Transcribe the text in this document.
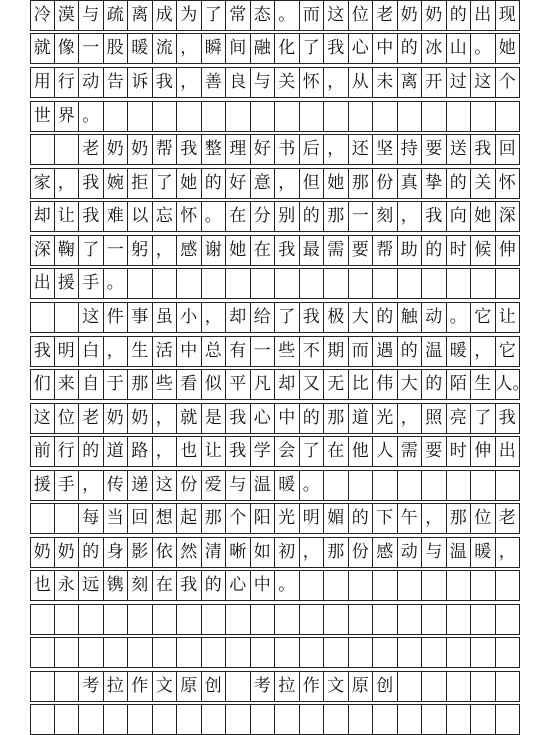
冷 漠 与 疏 离 成 为 了 常 态 。 而 这 位 老 奶 奶 的 出 现
就 像 一 股 暖 流 ， 瞬 间 融 化 了 我 心 中 的 冰 山 。 她
用 行 动 告 诉 我 ， 善 良 与 关 怀 ， 从 未 离 开 过 这 个
世 界 。
老 奶 奶 帮 我 整 理 好 书 后 ， 还 坚 持 要 送 我 回
家 ， 我 婉 拒 了 她 的 好 意 ， 但 她 那 份 真 挚 的 关 怀
却 让 我 难 以 忘 怀 。 在 分 别 的 那 一 刻 ， 我 向 她 深
深 鞠 了 一 躬 ， 感 谢 她 在 我 最 需 要 帮 助 的 时 候 伸
出 援 手 。
这 件 事 虽 小 ， 却 给 了 我 极 大 的 触 动 。 它 让
我 明 白 ， 生 活 中 总 有 一 些 不 期 而 遇 的 温 暖 ， 它
们 来 自 于 那 些 看 似 平 凡 却 又 无 比 伟 大 的 陌 生 人。
这 位 老 奶 奶 ， 就 是 我 心 中 的 那 道 光 ， 照 亮 了 我
前 行 的 道 路 ， 也 让 我 学 会 了 在 他 人 需 要 时 伸 出
援 手 ， 传 递 这 份 爱 与 温 暖 。
每 当 回 想 起 那 个 阳 光 明 媚 的 下 午 ， 那 位 老
奶 奶 的 身 影 依 然 清 晰 如 初 ， 那 份 感 动 与 温 暖 ，
也 永 远 镌 刻 在 我 的 心 中 。
考 拉 作 文 原 创 考 拉 作 文 原 创
